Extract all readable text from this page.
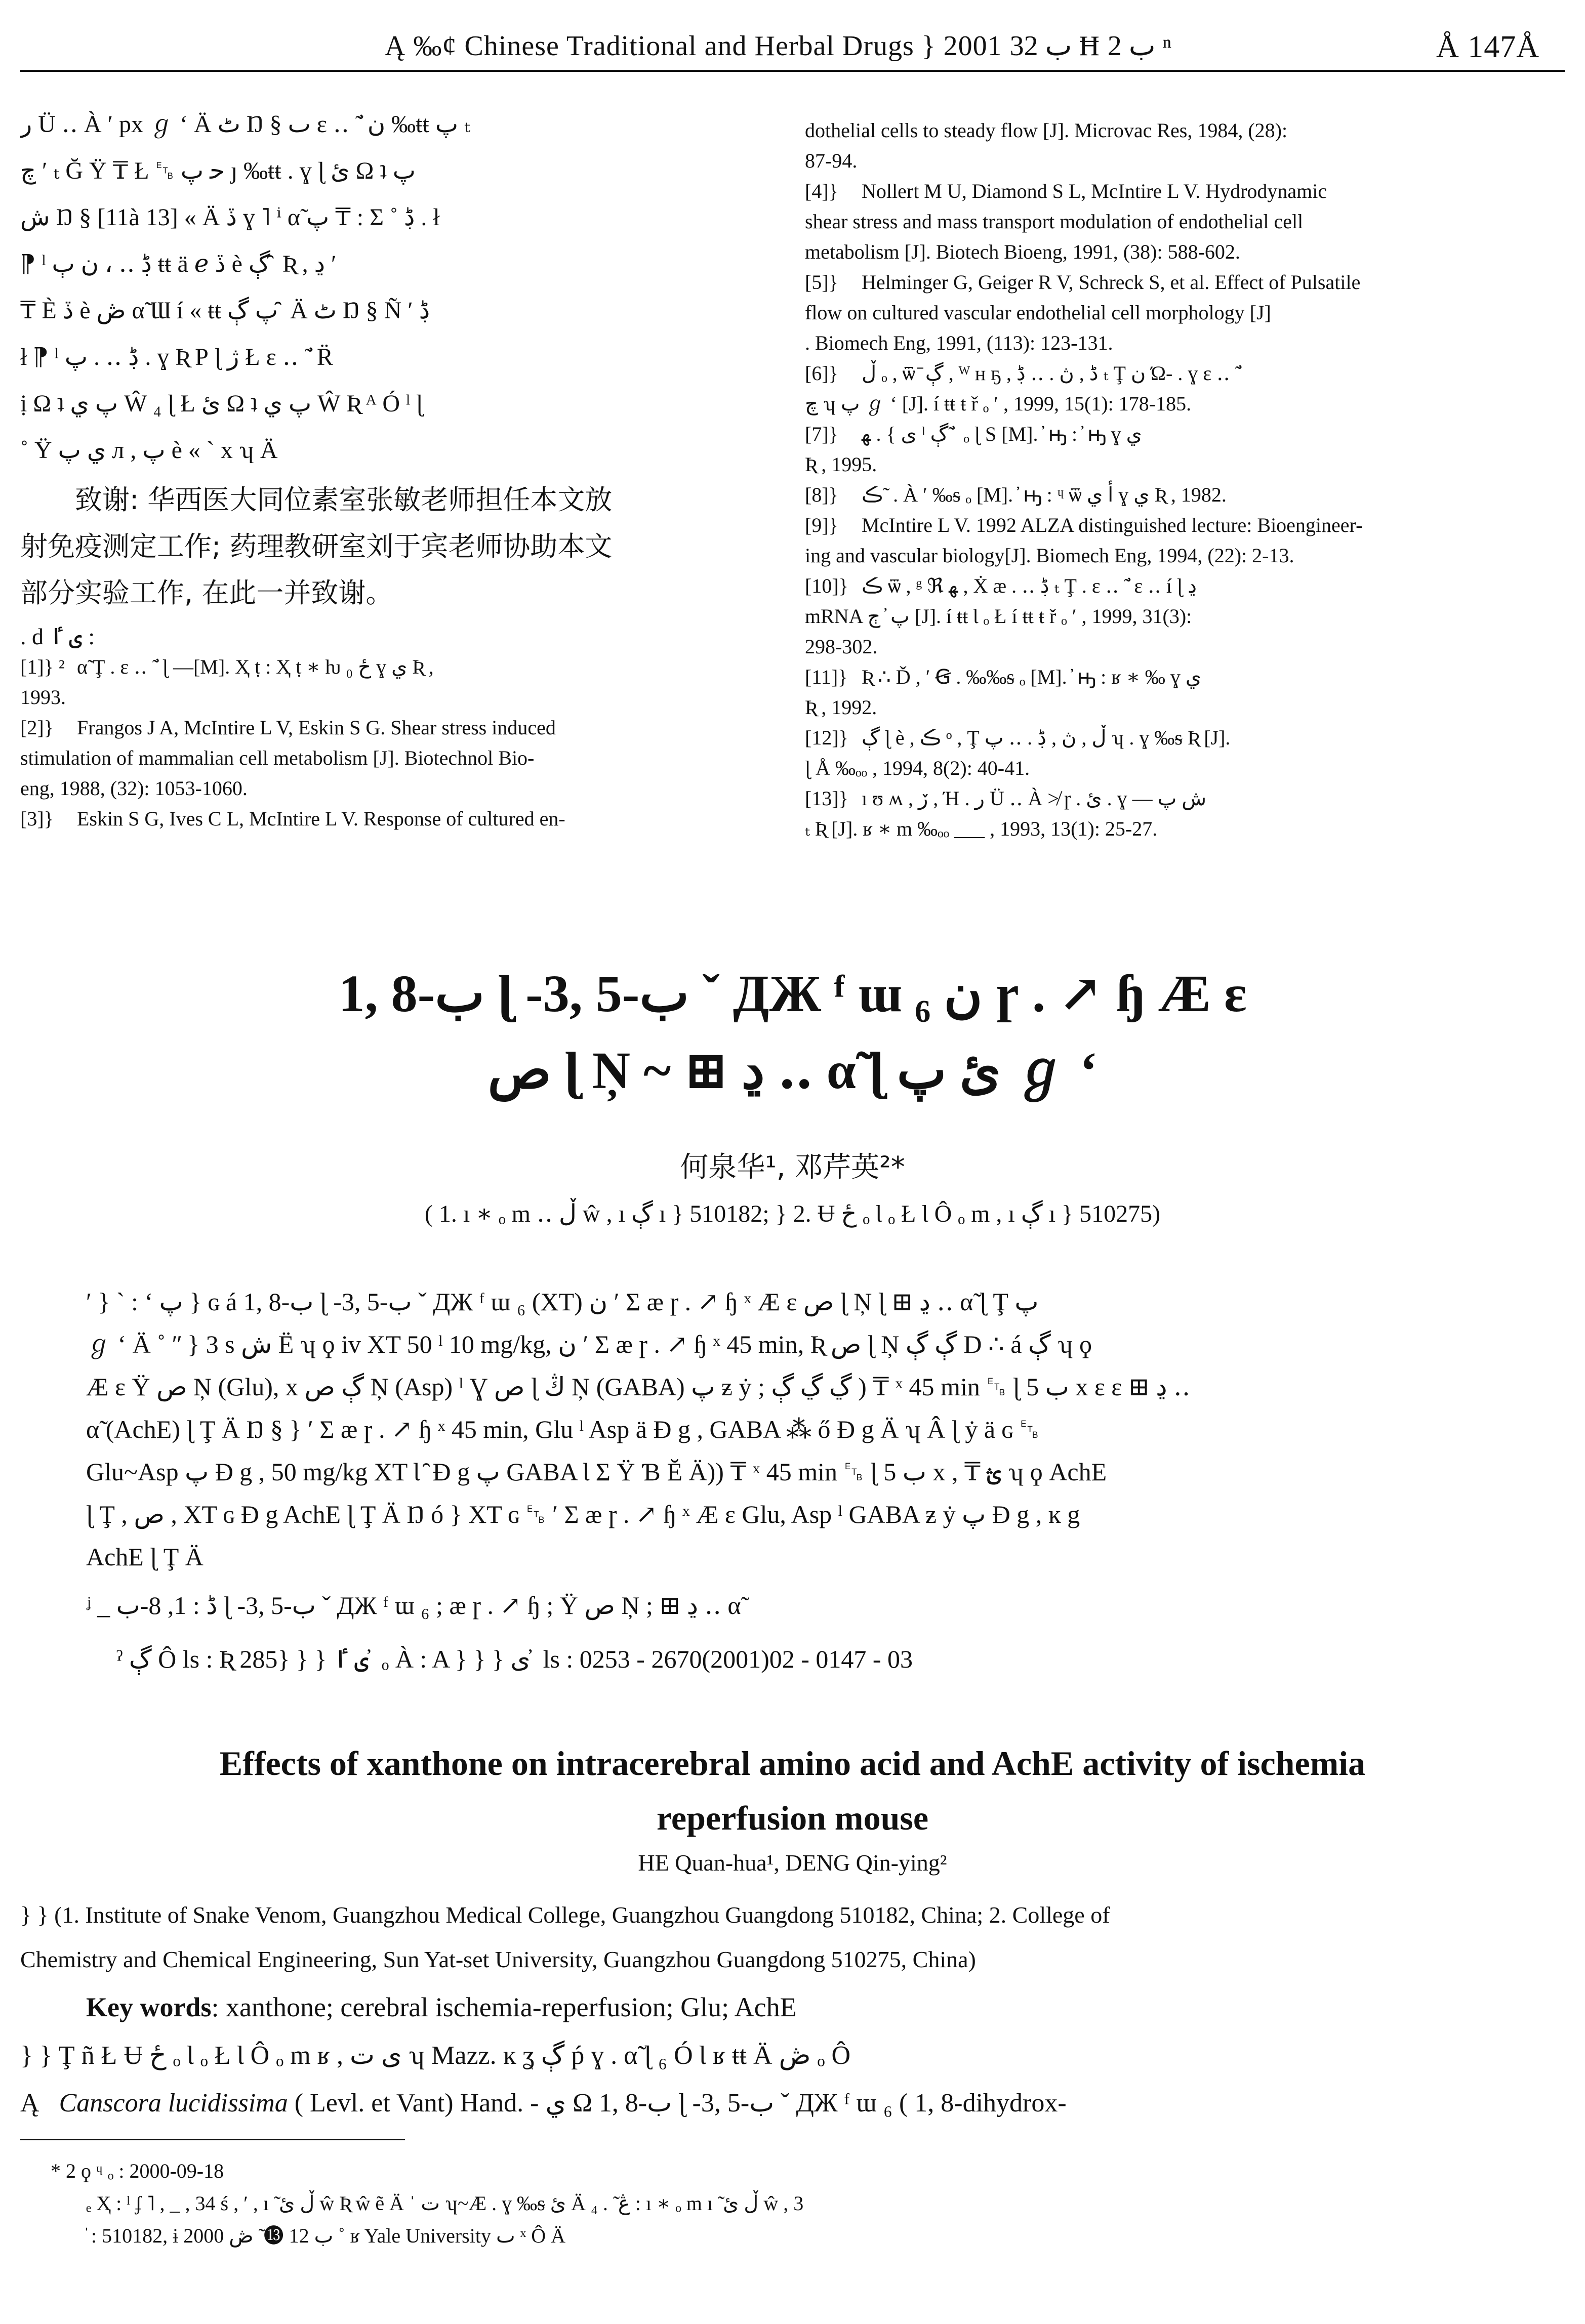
Ą ‰¢ Chinese Traditional and Herbal Drugs } 2001 ب 32 Ħ ب 2 ⁿ	Å 147Å
ر Ü ‥ À ʹ px ℊ ʻ Ä ٹ Ŋ § ٮ ɛ ‥ ̃ ̓ ن ‰ŧŧ پ ₜ
چ ʹ ₜ Ğ Ÿ ₸ Ł ␗ ﺣ پ ȷ ‰ŧŧ . ɣ ɭ ئ Ω ʇ پ
ش Ŋ § [11à 13] « Ä ڏ ɣ ˥ ⁱ α̃ پ ₸ : Σ ˚ ڋ . ł
⁋ ˡ ڋ ‥ ، ن ٻ ŧŧ ä ℯ ڏ è ڳ ̑ Ʀ , ڍ ʹ
₸ È ڏ è ڞ α̃ Ɯ í « ŧŧ پ ڳ ̑ Ä ٹ Ŋ § Ñ ʹ ڋ
ł ⁋ ˡ ڋ ‥ . پ . ɣ Ʀ Ρ ɭ ژ Ł ɛ ‥ ̃ ̓ R̈
ị Ω ʇ پ ي Ŵ ₄ ɭ Ł ﺉ Ω ʇ پ ي Ŵ Ʀ ᴬ Ó ˡ ɭ
˚ Ÿ ي پ л , پ è « ` x ʮ Ä
致谢: 华西医大同位素室张敏老师担任本文放
射免疫测定工作; 药理教研室刘于宾老师协助本文
部分实验工作, 在此一并致谢。
. ԁ ى ٵ :
[1]} ² α̃ Ţ . ɛ ‥ ̃ ̓ ɭ —[M]. Ҳ ṭ : Ҳ ṭ ∗ ƕ ځ ₀ ɣ ي Ʀ ,
1993.
[2]} Frangos J A, McIntire L V, Eskin S G. Shear stress induced
stimulation of mammalian cell metabolism [J]. Biotechnol Bio-
eng, 1988, (32): 1053-1060.
[3]} Eskin S G, Ives C L, McIntire L V. Response of cultured en-
dothelial cells to steady flow [J]. Microvac Res, 1984, (28):
87-94.
[4]} Nollert M U, Diamond S L, McIntire L V. Hydrodynamic
shear stress and mass transport modulation of endothelial cell
metabolism [J]. Biotech Bioeng, 1991, (38): 588-602.
[5]} Helminger G, Geiger R V, Schreck S, et al. Effect of Pulsatile
flow on cultured vascular endothelial cell morphology [J]
. Biomech Eng, 1991, (113): 123-131.
[6]} ڵ ₒ , ѿ ̄ ڳ , ᵂ ʜ ҕ , ڈ , ڽ . ‥ ڋ ₜ Ţ ن Ώ- . ɣ ɛ ‥ ̃ ̓
چ ʮ پ ℊ ʻ [J]. í ŧŧ ŧ ř ₒ ʹ , 1999, 15(1): 178-185.
[7]} ى } . ﻬ ˡ ڳ ̃ ̓ ₒ ɭ S [M]. ̓ ԣ : ̓ ԣ ɣ ي
Ʀ , 1995.
[8]} ڪ ̃ . À ʹ ‰ᵴ ₒ [M]. ̓ ԣ : ᶣ ѿ ﺃ ي ɣ ي Ʀ , 1982.
[9]} McIntire L V. 1992 ALZA distinguished lecture: Bioengineer-
ing and vascular biology[J]. Biomech Eng, 1994, (22): 2-13.
[10]} ڪ ѿ , ᵍ ℜ ﻬ , Ẋ æ . ‥ ڋ ₜ Ţ . ɛ ‥ ̃ ̓ ɛ ‥ í ɭ ڍ
mRNA پ ̓ ڄ [J]. í ŧŧ Ɩ ₒ Ł í ŧŧ ŧ ř ₒ ʹ , 1999, 31(3):
298-302.
[11]} Ʀ ∴ Ď , ʹ Ꞡ . ‰‰ᵴ ₒ [M]. ̓ ԣ : ʁ ∗ ‰ ɣ ي
Ʀ , 1992.
[12]} ڳ ɭ è , ڪ ᵒ , Ţ ڵ , ڽ , ڋ . ‥ پ ʮ . ɣ ‰ᵴ Ʀ [J].
ɭ Å ‰ₒₒ , 1994, 8(2): 40-41.
[13]} ı ʊ ʍ , ڒ , Ή . ر Ü ‥ À ≯ ɼ . ئ . ɣ — ش پ
ₜ Ʀ [J]. ʁ ∗ m ‰ₒₒ ___ , 1993, 13(1): 25-27.
1, 8-ب ɭ -3, 5-ب ˇ ДЖ ᶠ ɯ ₆ ن ɼ . ↗ ɧ Æ ɛ
ص ɭ Ņ ~ ⊞ ڍ ‥ α̃ ɭ ئ پ ℊ ʻ
何泉华¹, 邓芹英²*
( 1. ı ∗ ₒ m ‥ ڵ ŵ , ı ڳ ı } 510182; } 2. Ʉ ځ ₒ Ɩ ₒ Ł Ɩ Ô ₒ m , ı ڳ ı } 510275)
ʹ } ` : ʻ پ } ɢ á 1, 8-ب ɭ -3, 5-ب ˇ ДЖ ᶠ ɯ ₆ (XT) ن ʹ Σ æ ɼ . ↗ ɧ ˣ Æ ɛ ص ɭ Ņ ɭ ⊞ ڍ ‥ α̃ ɭ Ţ پ
ℊ ʻ Ä ˚ ʺ } 3 s ش Ë ʮ ϙ iv XT 50 ˡ 10 mg/kg, ن ʹ Σ æ ɼ . ↗ ɧ ˣ 45 min, Ʀ ص ɭ Ņ ڳ ڳ D ∴ á ڳ ʮ ϙ
Æ ɛ Ÿ ص Ņ (Glu), x ڳ ص Ņ (Asp) ˡ Ɣ ص ɭ ڭ Ņ (GABA) پ ƶ ẏ ; ڲ ڲ ڳ ) ₸ ˣ 45 min ␗ ɭ ب 5 x ɛ ɛ ⊞ ڍ ‥
α̃ (AchE) ɭ Ţ Ä Ŋ § } ʹ Σ æ ɼ . ↗ ɧ ˣ 45 min, Glu ˡ Asp ä Ɖ g , GABA ⁂ ő Ɖ g Ä ʮ Â ɭ ẏ ä ɢ ␗
Glu~Asp پ Ɖ g , 50 mg/kg XT Ɩ ̑ Ɖ g پ GABA Ɩ Σ Ÿ Ɓ Ĕ Ä)) ₸ ˣ 45 min ␗ ɭ ب 5 x , ₸ ؿ ʮ ϙ AchE
ɭ Ţ , ص , XT ɢ Ɖ g AchE ɭ Ţ Ä Ŋ ó } XT ɢ ␗ ʹ Σ æ ɼ . ↗ ɧ ˣ Æ ɛ Glu, Asp ˡ GABA ƶ ẏ پ Ɖ g , ĸ g
AchE ɭ Ţ Ä
ᶨ _ ڈ : 1, 8-ب ɭ -3, 5-ب ˇ ДЖ ᶠ ɯ ₆ ; æ ɼ . ↗ ɧ ; Ÿ ص Ņ ; ⊞ ڍ ‥ α̃
ˀ ڳ Ô ls : Ʀ 285} } } ى ٵ ̓ ₒ À : A } } } ى ̓ ls : 0253 - 2670(2001)02 - 0147 - 03
Effects of xanthone on intracerebral amino acid and AchE activity of ischemia reperfusion mouse
HE Quan-hua¹, DENG Qin-ying²
} } (1. Institute of Snake Venom, Guangzhou Medical College, Guangzhou Guangdong 510182, China; 2. College of
Chemistry and Chemical Engineering, Sun Yat-set University, Guangzhou Guangdong 510275, China)
Key words: xanthone; cerebral ischemia-reperfusion; Glu; AchE
} } Ţ ñ Ł Ʉ ځ ₒ Ɩ ₒ Ł Ɩ Ô ₒ m ʁ , ى ت ʮ Mazz. ĸ ʓ ڳ ṕ ɣ . α̃ ɭ ₆ Ó Ɩ ʁ ŧŧ Ä ڞ ₒ Ô
Ą Canscora lucidissima ( Levl. et Vant) Hand. - ي Ω 1, 8-ب ɭ -3, 5-ب ˇ ДЖ ᶠ ɯ ₆ ( 1, 8-dihydrox-
* 2 ϙ ᶣ ₒ : 2000-09-18
ₑ Ҳ : ˡ ʄ ˥ , _ , 34 ś , ʹ , ı ̃ ڵ ﺉ ŵ Ʀ ŵ ẽ Ä ˈ ت ʮ~Æ . ɣ ‰ᵴ ﺉ Ä ₄ . ̃ ڠ : ı ∗ ₒ m ı ̃ ڵ ﺉ ŵ , 3
̓ : 510182, ɨ 2000 ب 12 ⓭ ̃ ڞ ˚ ʁ Yale University ٮ ˣ Ô Ä
